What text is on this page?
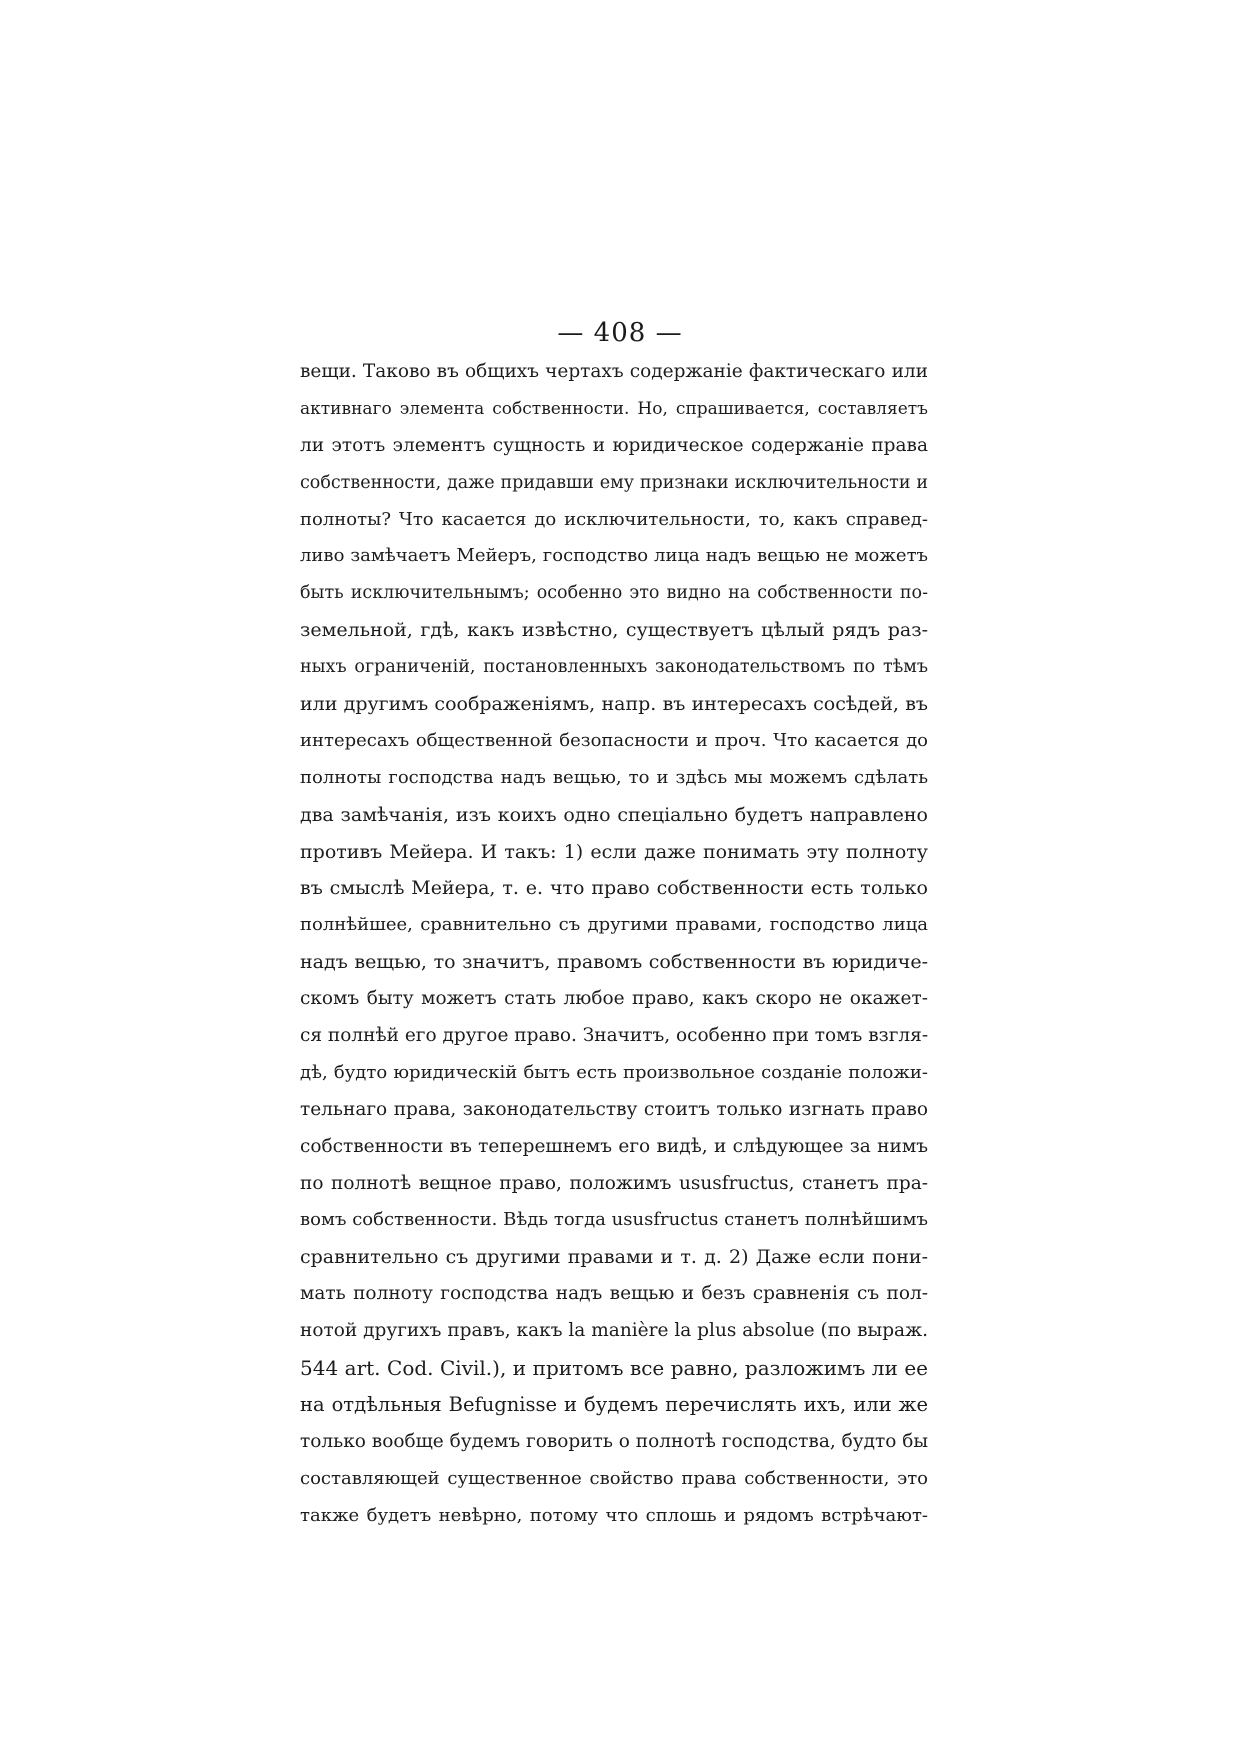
— 408 —

вещи. Таково въ общихъ чертахъ содержаніе фактическаго или
активнаго элемента собственности. Но, спрашивается, составляетъ
ли этотъ элементъ сущность и юридическое содержаніе права
собственности, даже придавши ему признаки исключительности и
полноты? Что касается до исключительности, то, какъ справед-
ливо замѣчаетъ Мейеръ, господство лица надъ вещью не можетъ
быть исключительнымъ; особенно это видно на собственности по-
земельной, гдѣ, какъ извѣстно, существуетъ цѣлый рядъ раз-
ныхъ ограниченій, постановленныхъ законодательствомъ по тѣмъ
или другимъ соображеніямъ, напр. въ интересахъ сосѣдей, въ
интересахъ общественной безопасности и проч. Что касается до
полноты господства надъ вещью, то и здѣсь мы можемъ сдѣлать
два замѣчанія, изъ коихъ одно спеціально будетъ направлено
противъ Мейера. И такъ: 1) если даже понимать эту полноту
въ смыслѣ Мейера, т. е. что право собственности есть только
полнѣйшее, сравнительно съ другими правами, господство лица
надъ вещью, то значитъ, правомъ собственности въ юридиче-
скомъ быту можетъ стать любое право, какъ скоро не окажет-
ся полнѣй его другое право. Значитъ, особенно при томъ взгля-
дѣ, будто юридическій бытъ есть произвольное созданіе положи-
тельнаго права, законодательству стоитъ только изгнать право
собственности въ теперешнемъ его видѣ, и слѣдующее за нимъ
по полнотѣ вещное право, положимъ ususfructus, станетъ пра-
вомъ собственности. Вѣдь тогда ususfructus станетъ полнѣйшимъ
сравнительно съ другими правами и т. д. 2) Даже если пони-
мать полноту господства надъ вещью и безъ сравненія съ пол-
нотой другихъ правъ, какъ la manière la plus absolue (по выраж.
544 art. Cod. Civil.), и притомъ все равно, разложимъ ли ее
на отдѣльныя Befugnisse и будемъ перечислять ихъ, или же
только вообще будемъ говорить о полнотѣ господства, будто бы
составляющей существенное свойство права собственности, это
также будетъ невѣрно, потому что сплошь и рядомъ встрѣчают-
